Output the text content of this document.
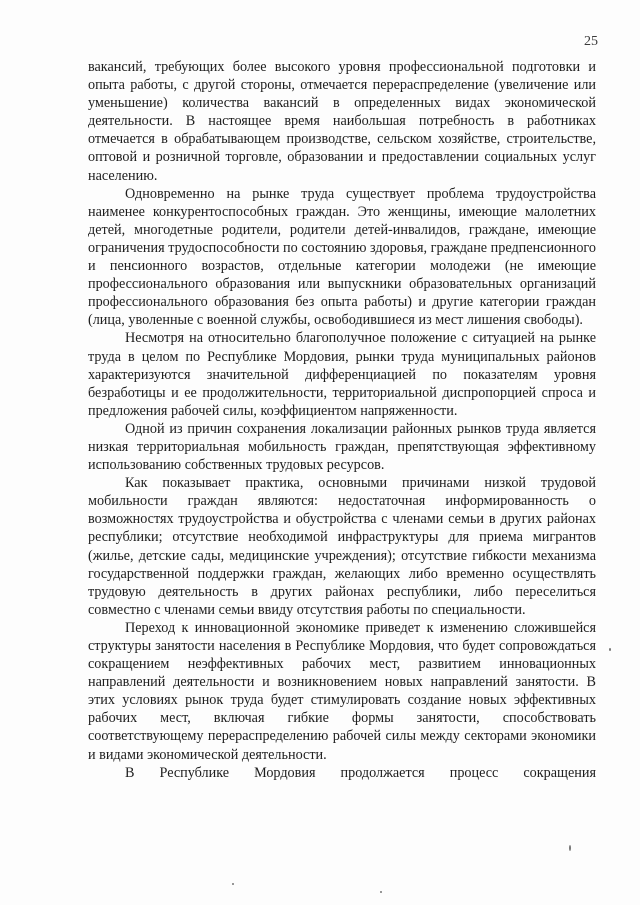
25

вакансий, требующих более высокого уровня профессиональной подготовки и опыта работы, с другой стороны, отмечается перераспределение (увеличение или уменьшение) количества вакансий в определенных видах экономической деятельности. В настоящее время наибольшая потребность в работниках отмечается в обрабатывающем производстве, сельском хозяйстве, строительстве, оптовой и розничной торговле, образовании и предоставлении социальных услуг населению.

Одновременно на рынке труда существует проблема трудоустройства наименее конкурентоспособных граждан. Это женщины, имеющие малолетних детей, многодетные родители, родители детей-инвалидов, граждане, имеющие ограничения трудоспособности по состоянию здоровья, граждане предпенсионного и пенсионного возрастов, отдельные категории молодежи (не имеющие профессионального образования или выпускники образовательных организаций профессионального образования без опыта работы) и другие категории граждан (лица, уволенные с военной службы, освободившиеся из мест лишения свободы).

Несмотря на относительно благополучное положение с ситуацией на рынке труда в целом по Республике Мордовия, рынки труда муниципальных районов характеризуются значительной дифференциацией по показателям уровня безработицы и ее продолжительности, территориальной диспропорцией спроса и предложения рабочей силы, коэффициентом напряженности.

Одной из причин сохранения локализации районных рынков труда является низкая территориальная мобильность граждан, препятствующая эффективному использованию собственных трудовых ресурсов.

Как показывает практика, основными причинами низкой трудовой мобильности граждан являются: недостаточная информированность о возможностях трудоустройства и обустройства с членами семьи в других районах республики; отсутствие необходимой инфраструктуры для приема мигрантов (жилье, детские сады, медицинские учреждения); отсутствие гибкости механизма государственной поддержки граждан, желающих либо временно осуществлять трудовую деятельность в других районах республики, либо переселиться совместно с членами семьи ввиду отсутствия работы по специальности.

Переход к инновационной экономике приведет к изменению сложившейся структуры занятости населения в Республике Мордовия, что будет сопровождаться сокращением неэффективных рабочих мест, развитием инновационных направлений деятельности и возникновением новых направлений занятости. В этих условиях рынок труда будет стимулировать создание новых эффективных рабочих мест, включая гибкие формы занятости, способствовать соответствующему перераспределению рабочей силы между секторами экономики и видами экономической деятельности.

В Республике Мордовия продолжается процесс сокращения
